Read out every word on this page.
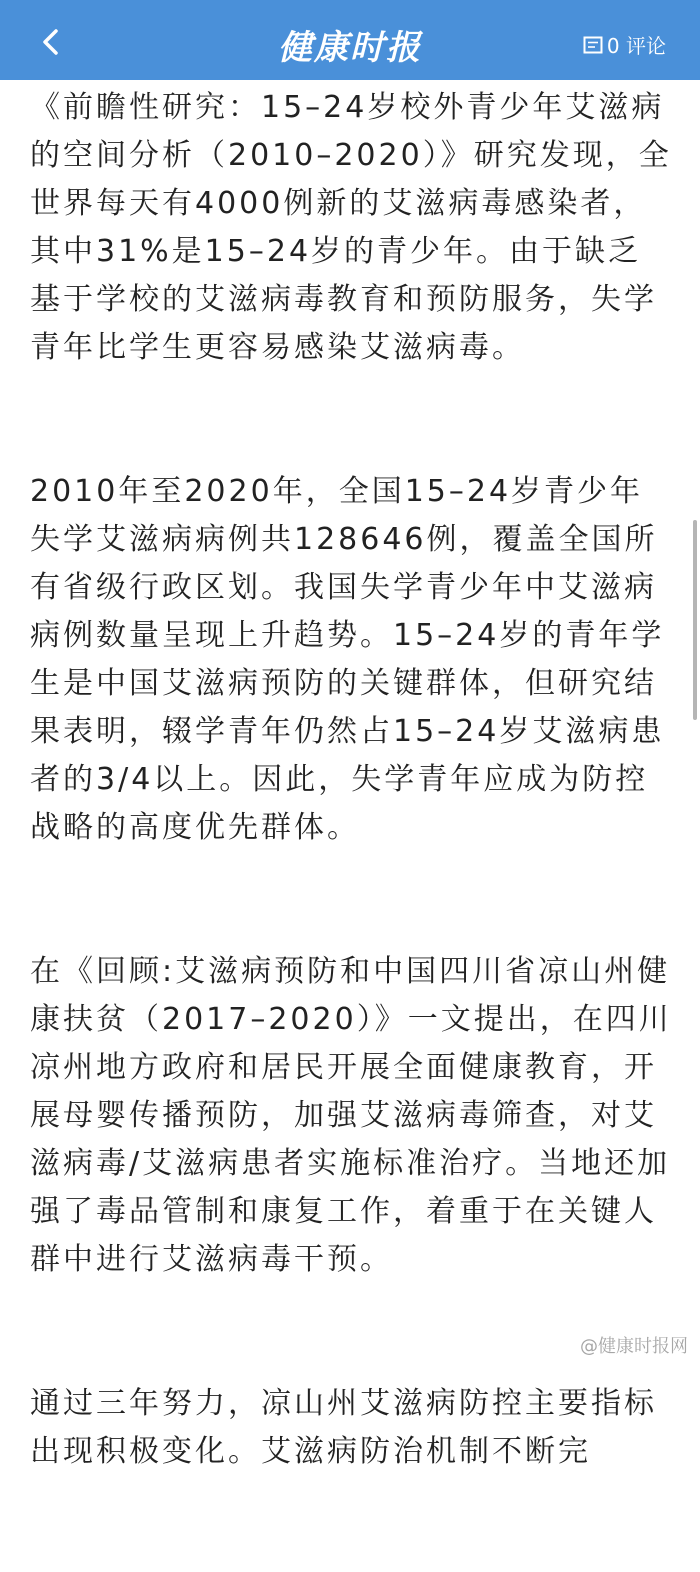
健康时报	0 评论

《前瞻性研究：15–24岁校外青少年艾滋病的空间分析（2010–2020）》研究发现，全世界每天有4000例新的艾滋病毒感染者，其中31%是15–24岁的青少年。由于缺乏基于学校的艾滋病毒教育和预防服务，失学青年比学生更容易感染艾滋病毒。

2010年至2020年，全国15–24岁青少年失学艾滋病病例共128646例，覆盖全国所有省级行政区划。我国失学青少年中艾滋病病例数量呈现上升趋势。15–24岁的青年学生是中国艾滋病预防的关键群体，但研究结果表明，辍学青年仍然占15–24岁艾滋病患者的3/4以上。因此，失学青年应成为防控战略的高度优先群体。

在《回顾:艾滋病预防和中国四川省凉山州健康扶贫（2017–2020）》一文提出，在四川凉州地方政府和居民开展全面健康教育，开展母婴传播预防，加强艾滋病毒筛查，对艾滋病毒/艾滋病患者实施标准治疗。当地还加强了毒品管制和康复工作，着重于在关键人群中进行艾滋病毒干预。

通过三年努力，凉山州艾滋病防控主要指标出现积极变化。艾滋病防治机制不断完

@健康时报网
